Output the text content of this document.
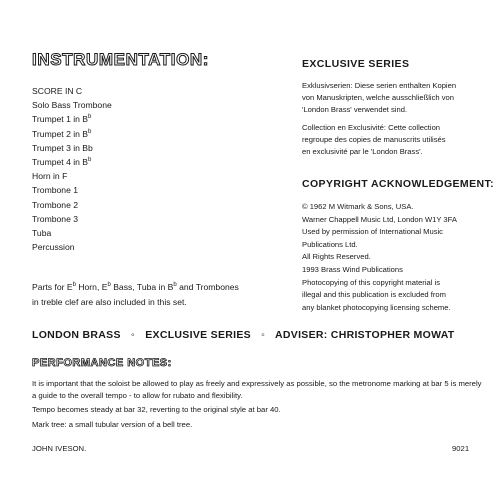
INSTRUMENTATION:
SCORE IN C
Solo Bass Trombone
Trumpet 1 in $B^b$
Trumpet 2 in $B^b$
Trumpet 3 in Bb
Trumpet 4 in $B^b$
Horn in F
Trombone 1
Trombone 2
Trombone 3
Tuba
Percussion
Parts for $E^b$ Horn, $E^b$ Bass, Tuba in $B^b$ and Trombones
in treble clef are also included in this set.
EXCLUSIVE SERIES

Exklusivserien: Diese serien enthalten Kopien

von Manuskripten, welche ausschließlich von

'London Brass' verwendet sind.

Collection en Exclusivité: Cette collection

regroupe des copies de manuscrits utilisés

en exclusivité par le 'London Brass'.

COPYRIGHT ACKNOWLEDGEMENT:

© 1962 M Witmark & Sons, USA.

Warner Chappell Music Ltd, London W1Y 3FA

Used by permission of International Music

Publications Ltd.

All Rights Reserved.

1993 Brass Wind Publications

Photocopying of this copyright material is

illegal and this publication is excluded from

any blanket photocopying licensing scheme.

LONDON BRASS ◦ EXCLUSIVE SERIES ◦ ADVISER: CHRISTOPHER MOWAT
PERFORMANCE NOTES:

It is important that the soloist be allowed to play as freely and expressively as possible, so the metronome marking at bar 5 is merely a guide to the overall tempo - to allow for rubato and flexibility.

Tempo becomes steady at bar 32, reverting to the original style at bar 40.

Mark tree: a small tubular version of a bell tree.

JOHN IVESON.	9021
